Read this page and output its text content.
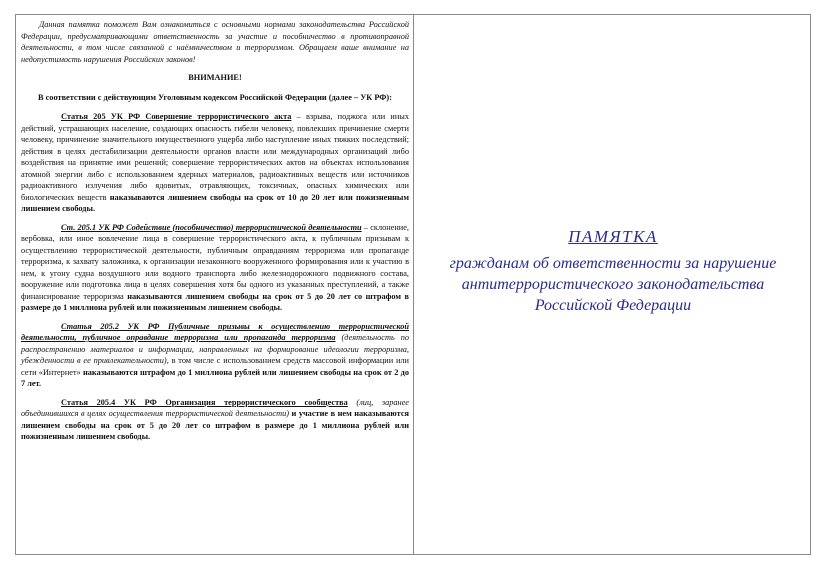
Данная памятка поможет Вам ознакомиться с основными нормами законодательства Российской Федерации, предусматривающими ответственность за участие и пособничество в противоправной деятельности, в том числе связанной с наёмничеством и терроризмом. Обращаем ваше внимание на недопустимость нарушения Российских законов!

ВНИМАНИЕ!

В соответствии с действующим Уголовным кодексом Российской Федерации (далее – УК РФ):

Статья 205 УК РФ Совершение террористического акта – взрыва, поджога или иных действий, устрашающих население, создающих опасность гибели человеку, повлекших причинение смерти человеку, причинение значительного имущественного ущерба либо наступление иных тяжких последствий; действия в целях дестабилизации деятельности органов власти или международных организаций либо воздействия на принятие ими решений; совершение террористических актов на объектах использования атомной энергии либо с использованием ядерных материалов, радиоактивных веществ или источников радиоактивного излучения либо ядовитых, отравляющих, токсичных, опасных химических или биологических веществ наказываются лишением свободы на срок от 10 до 20 лет или пожизненным лишением свободы.

Ст. 205.1 УК РФ Содействие (пособничество) террористической деятельности – склонение, вербовка, или иное вовлечение лица в совершение террористического акта, к публичным призывам к осуществлению террористической деятельности, публичным оправданиям терроризма или пропаганде терроризма, к захвату заложника, к организации незаконного вооруженного формирования или к участию в нем, к угону судна воздушного или водного транспорта либо железнодорожного подвижного состава, вооружение или подготовка лица в целях совершения хотя бы одного из указанных преступлений, а также финансирование терроризма наказываются лишением свободы на срок от 5 до 20 лет со штрафом в размере до 1 миллиона рублей или пожизненным лишением свободы.

Статья 205.2 УК РФ Публичные призывы к осуществлению террористической деятельности, публичное оправдание терроризма или пропаганда терроризма (деятельность по распространению материалов и информации, направленных на формирование идеологии терроризма, убежденности в ее привлекательности), в том числе с использованием средств массовой информации или сети «Интернет» наказываются штрафом до 1 миллиона рублей или лишением свободы на срок от 2 до 7 лет.

Статья 205.4 УК РФ Организация террористического сообщества (лиц, заранее объединившихся в целях осуществления террористической деятельности) и участие в нем наказываются лишением свободы на срок от 5 до 20 лет со штрафом в размере до 1 миллиона рублей или пожизненным лишением свободы.

ПАМЯТКА
гражданам об ответственности за нарушение антитеррористического законодательства Российской Федерации
